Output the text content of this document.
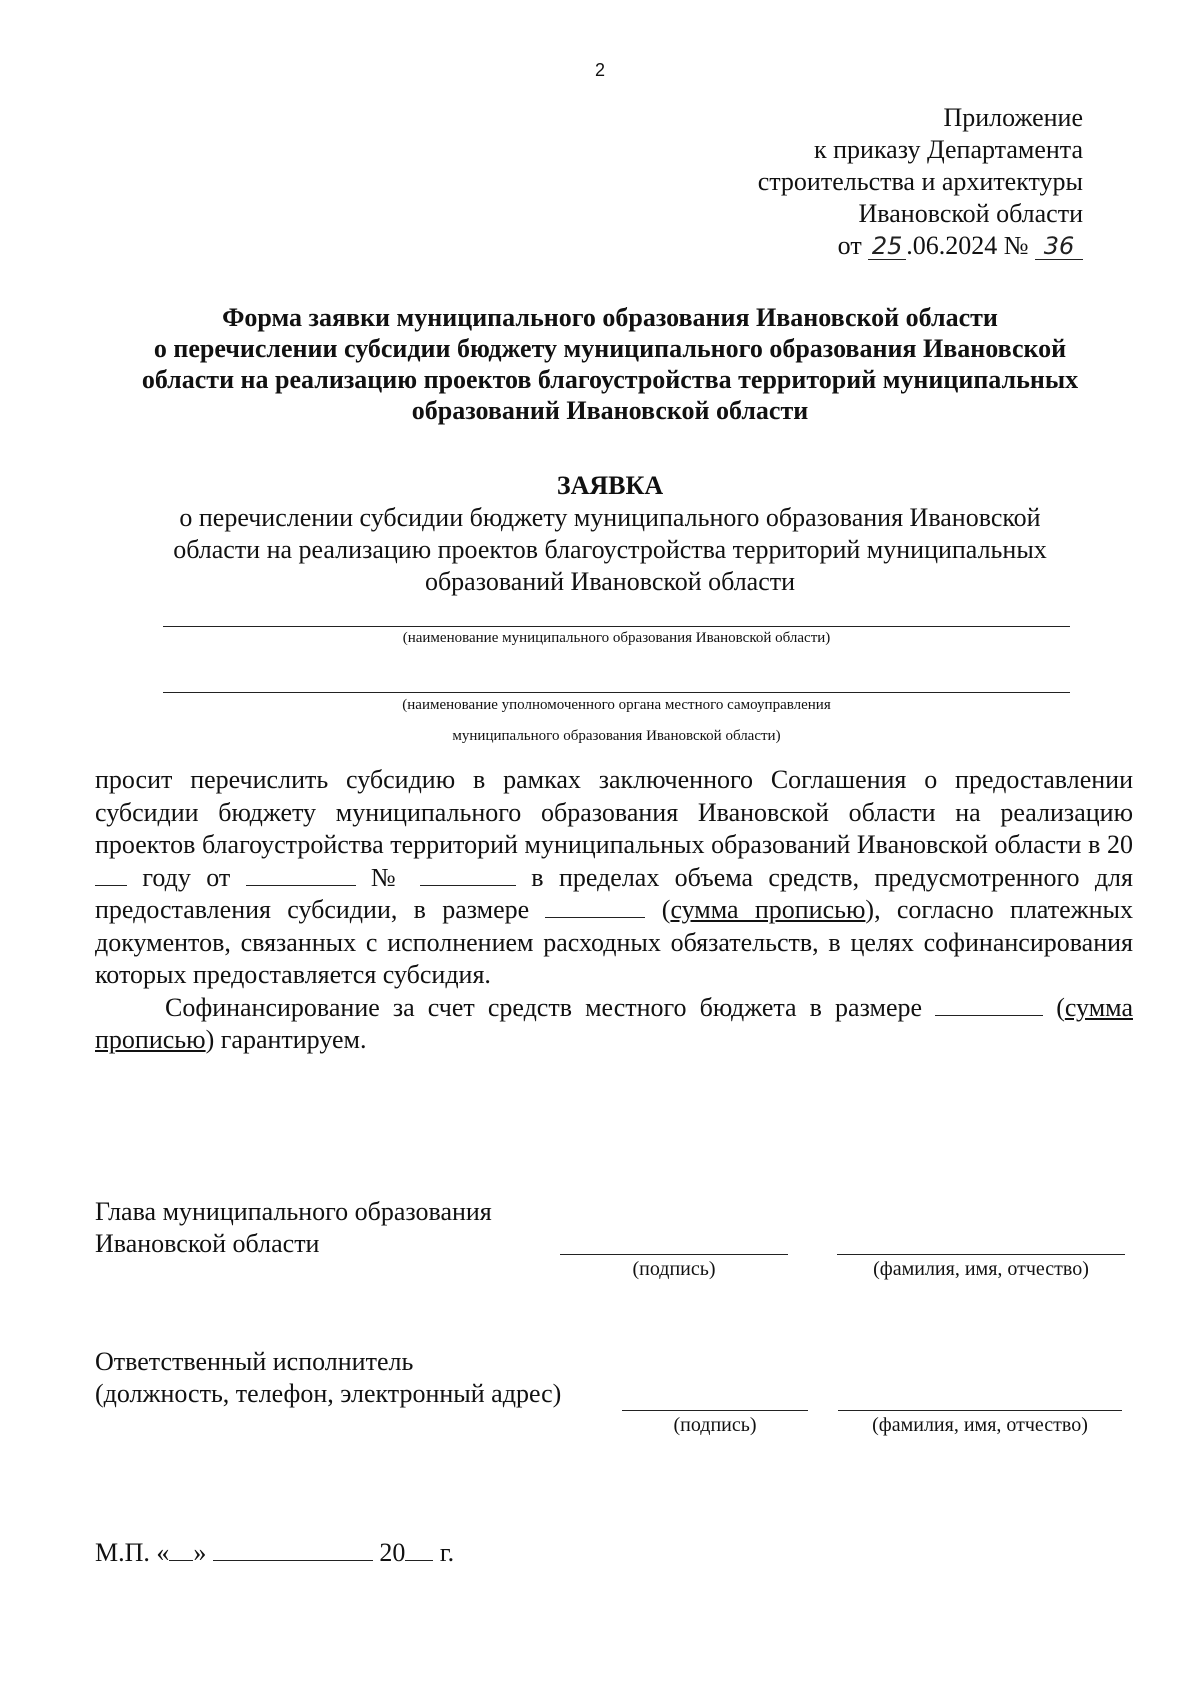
2
Приложение
к приказу Департамента
строительства и архитектуры
Ивановской области
от 25 .06.2024 № 36
Форма заявки муниципального образования Ивановской области
о перечислении субсидии бюджету муниципального образования Ивановской
области на реализацию проектов благоустройства территорий муниципальных
образований Ивановской области
ЗАЯВКА
о перечислении субсидии бюджету муниципального образования Ивановской
области на реализацию проектов благоустройства территорий муниципальных
образований Ивановской области
(наименование муниципального образования Ивановской области)
(наименование уполномоченного органа местного самоуправления
муниципального образования Ивановской области)

просит перечислить субсидию в рамках заключенного Соглашения о предоставлении субсидии бюджету муниципального образования Ивановской области на реализацию проектов благоустройства территорий муниципальных образований Ивановской области в 20 году от	№	в пределах объема средств, предусмотренного для предоставления субсидии, в размере	(сумма прописью), согласно платежных документов, связанных с исполнением расходных обязательств, в целях софинансирования которых предоставляется субсидия.

Софинансирование за счет средств местного бюджета в размере	(сумма прописью) гарантируем.

Глава муниципального образования
Ивановской области
(подпись)	(фамилия, имя, отчество)
Ответственный исполнитель
(должность, телефон, электронный адрес)
(подпись)	(фамилия, имя, отчество)
М.П. « »	20 г.
